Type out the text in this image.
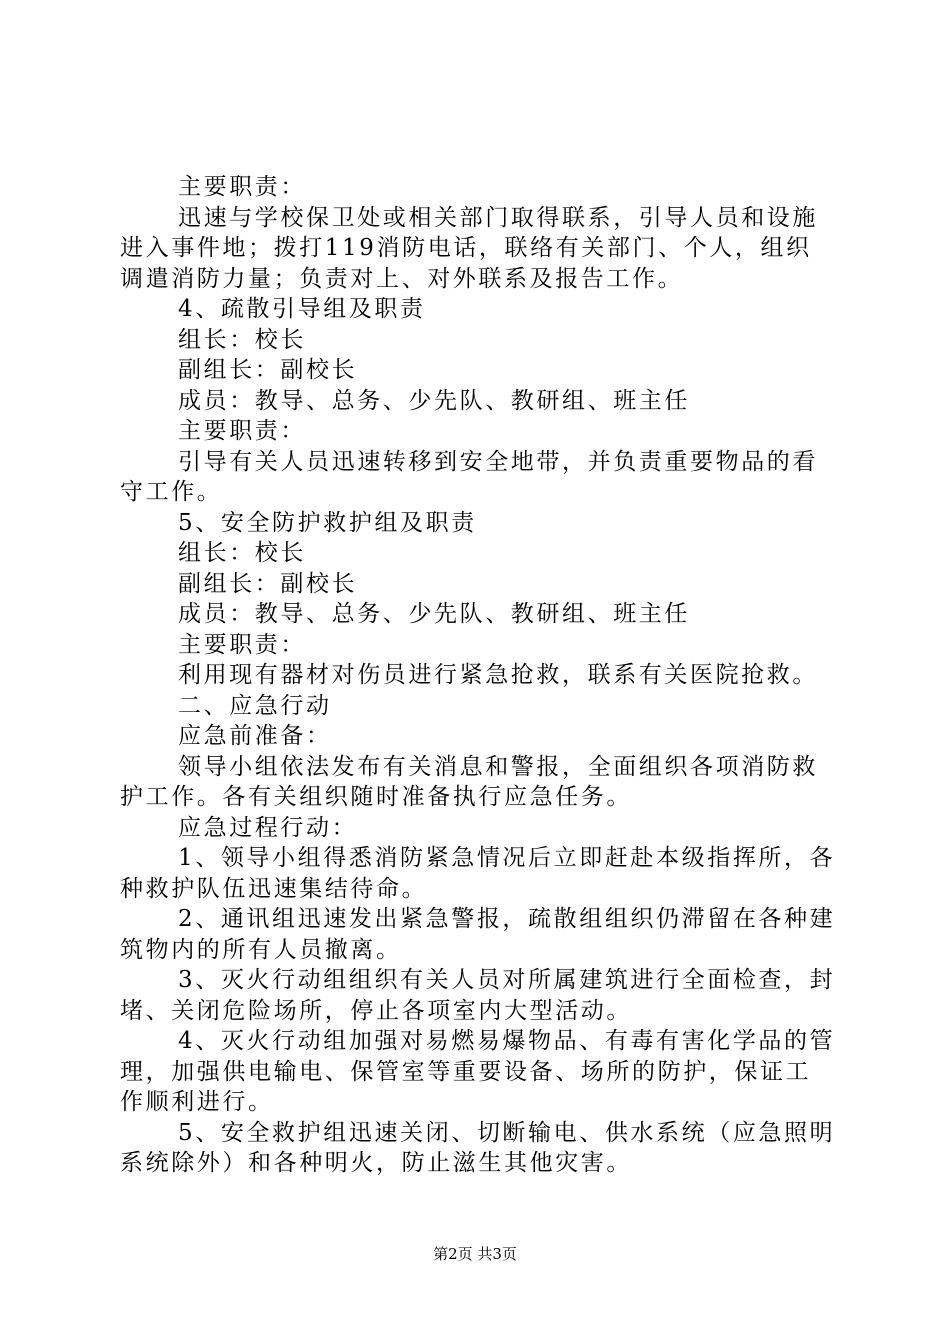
主要职责：
迅速与学校保卫处或相关部门取得联系，引导人员和设施
进入事件地；拨打119消防电话，联络有关部门、个人，组织
调遣消防力量；负责对上、对外联系及报告工作。
4、疏散引导组及职责
组长：校长
副组长：副校长
成员：教导、总务、少先队、教研组、班主任
主要职责：
引导有关人员迅速转移到安全地带，并负责重要物品的看
守工作。
5、安全防护救护组及职责
组长：校长
副组长：副校长
成员：教导、总务、少先队、教研组、班主任
主要职责：
利用现有器材对伤员进行紧急抢救，联系有关医院抢救。
二、应急行动
应急前准备：
领导小组依法发布有关消息和警报，全面组织各项消防救
护工作。各有关组织随时准备执行应急任务。
应急过程行动：
1、领导小组得悉消防紧急情况后立即赶赴本级指挥所，各
种救护队伍迅速集结待命。
2、通讯组迅速发出紧急警报，疏散组组织仍滞留在各种建
筑物内的所有人员撤离。
3、灭火行动组组织有关人员对所属建筑进行全面检查，封
堵、关闭危险场所，停止各项室内大型活动。
4、灭火行动组加强对易燃易爆物品、有毒有害化学品的管
理，加强供电输电、保管室等重要设备、场所的防护，保证工
作顺利进行。
5、安全救护组迅速关闭、切断输电、供水系统（应急照明
系统除外）和各种明火，防止滋生其他灾害。
第2页 共3页
